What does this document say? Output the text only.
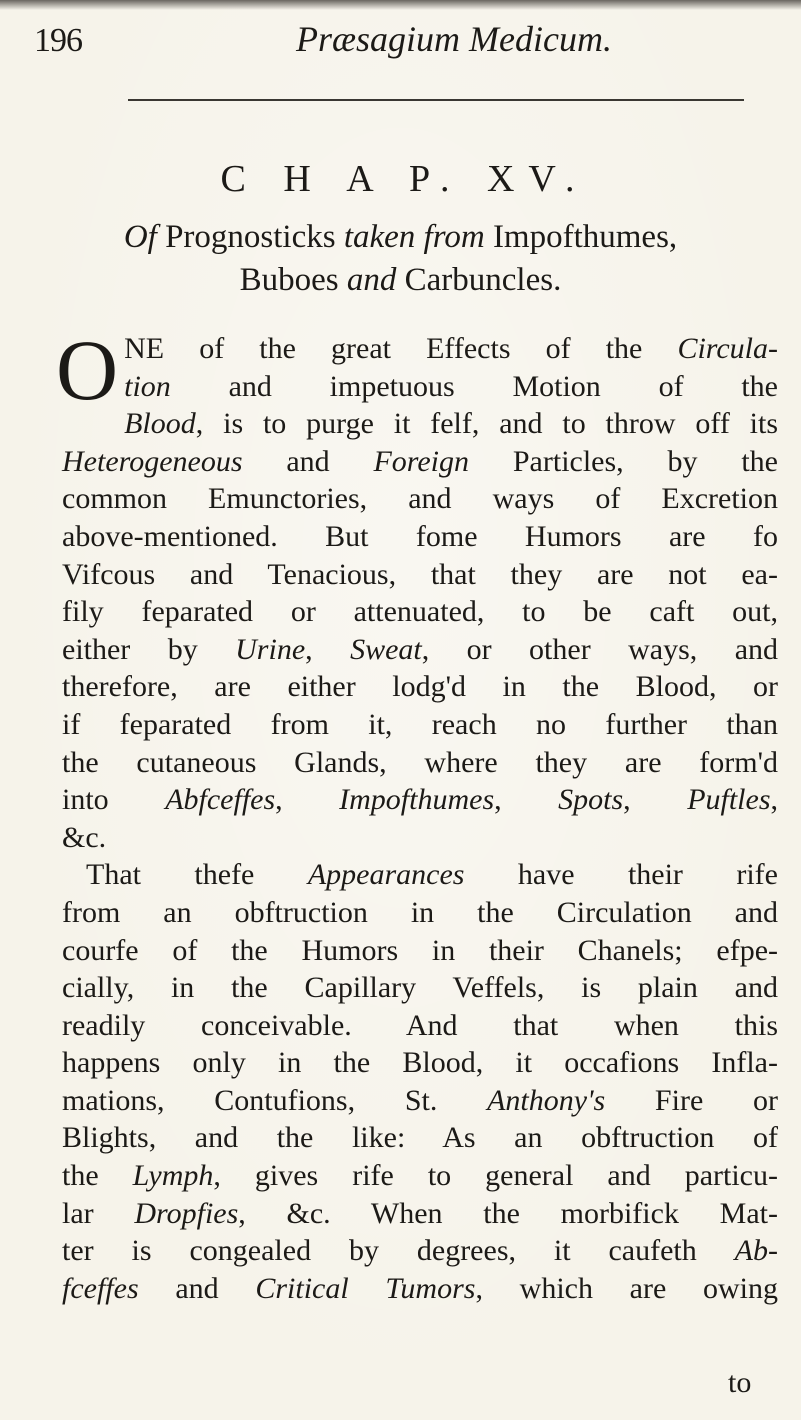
196	Præsagium Medicum.
C H A P. XV.
Of Prognosticks taken from Impofthumes,
Buboes and Carbuncles.
O NE of the great Effects of the Circula-
tion and impetuous Motion of the
Blood, is to purge it felf, and to throw off its
Heterogeneous and Foreign Particles, by the
common Emunctories, and ways of Excretion
above-mentioned. But fome Humors are fo
Vifcous and Tenacious, that they are not ea-
fily feparated or attenuated, to be caft out,
either by Urine, Sweat, or other ways, and
therefore, are either lodg'd in the Blood, or
if feparated from it, reach no further than
the cutaneous Glands, where they are form'd
into Abfceffes, Impofthumes, Spots, Puftles,
&c.
That thefe Appearances have their rife
from an obftruction in the Circulation and
courfe of the Humors in their Chanels; efpe-
cially, in the Capillary Veffels, is plain and
readily conceivable. And that when this
happens only in the Blood, it occafions Infla-
mations, Contufions, St. Anthony's Fire or
Blights, and the like: As an obftruction of
the Lymph, gives rife to general and particu-
lar Dropfies, &c. When the morbifick Mat-
ter is congealed by degrees, it caufeth Ab-
fceffes and Critical Tumors, which are owing
to
